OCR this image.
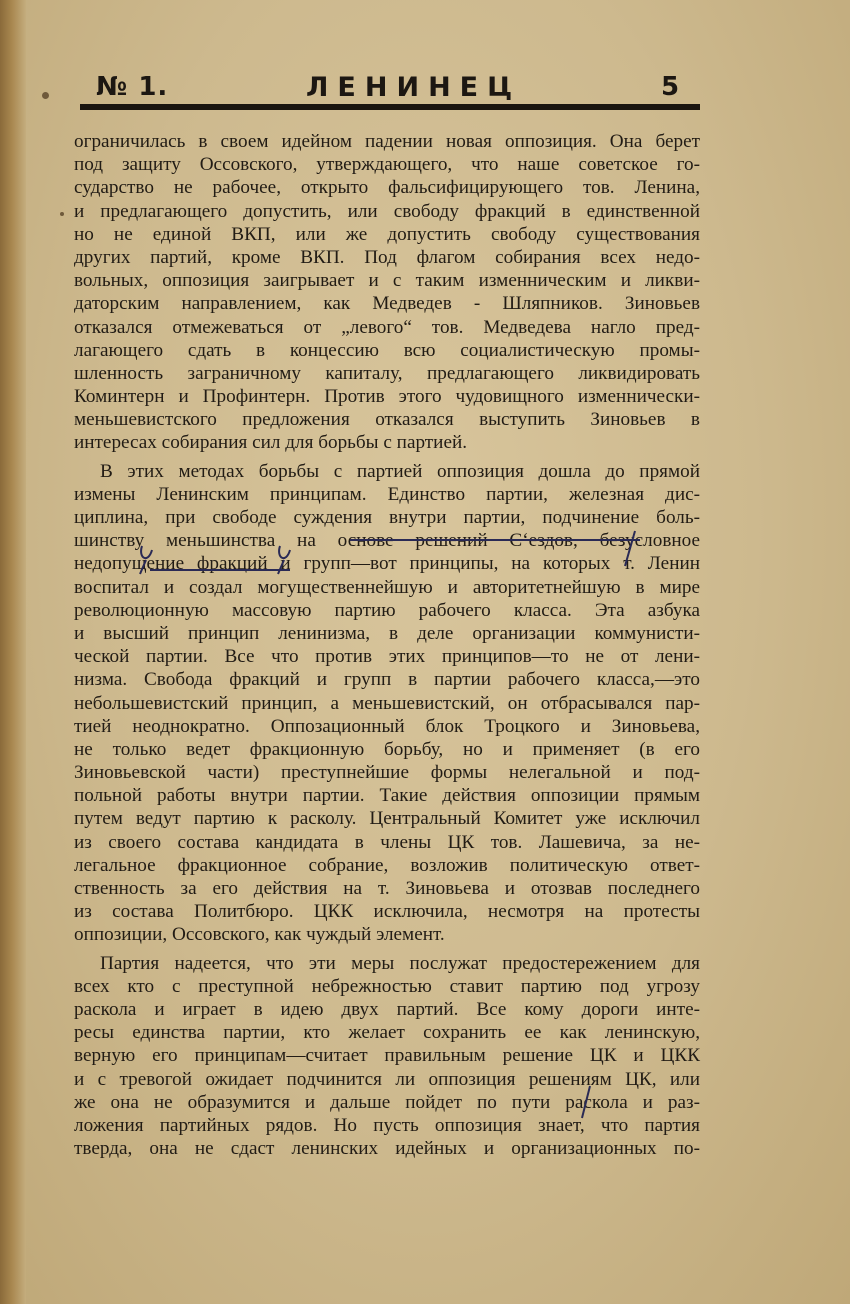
№ 1.	ЛЕНИНЕЦ	5
ограничилась в своем идейном падении новая оппозиция. Она берет
под защиту Оссовского, утверждающего, что наше советское го-
сударство не рабочее, открыто фальсифицирующего тов. Ленина,
и предлагающего допустить, или свободу фракций в единственной
но не единой ВКП, или же допустить свободу существования
других партий, кроме ВКП. Под флагом собирания всех недо-
вольных, оппозиция заигрывает и с таким изменническим и ликви-
даторским направлением, как Медведев - Шляпников. Зиновьев
отказался отмежеваться от „левого“ тов. Медведева нагло пред-
лагающего сдать в концессию всю социалистическую промы-
шленность заграничному капиталу, предлагающего ликвидировать
Коминтерн и Профинтерн. Против этого чудовищного изменнически-
меньшевистского предложения отказался выступить Зиновьев в
интересах собирания сил для борьбы с партией.
В этих методах борьбы с партией оппозиция дошла до прямой
измены Ленинским принципам. Единство партии, железная дис-
циплина, при свободе суждения внутри партии, подчинение боль-
шинству меньшинства на основе решений С‘ездов, безусловное
недопущение фракций и групп—вот принципы, на которых т. Ленин
воспитал и создал могущественнейшую и авторитетнейшую в мире
революционную массовую партию рабочего класса. Эта азбука
и высший принцип ленинизма, в деле организации коммунисти-
ческой партии. Все что против этих принципов—то не от лени-
низма. Свобода фракций и групп в партии рабочего класса,—это
небольшевистский принцип, а меньшевистский, он отбрасывался пар-
тией неоднократно. Оппозационный блок Троцкого и Зиновьева,
не только ведет фракционную борьбу, но и применяет (в его
Зиновьевской части) преступнейшие формы нелегальной и под-
польной работы внутри партии. Такие действия оппозиции прямым
путем ведут партию к расколу. Центральный Комитет уже исключил
из своего состава кандидата в члены ЦК тов. Лашевича, за не-
легальное фракционное собрание, возложив политическую ответ-
ственность за его действия на т. Зиновьева и отозвав последнего
из состава Политбюро. ЦКК исключила, несмотря на протесты
оппозиции, Оссовского, как чуждый элемент.
Партия надеется, что эти меры послужат предостережением для
всех кто с преступной небрежностью ставит партию под угрозу
раскола и играет в идею двух партий. Все кому дороги инте-
ресы единства партии, кто желает сохранить ее как ленинскую,
верную его принципам—считает правильным решение ЦК и ЦКК
и с тревогой ожидает подчинится ли оппозиция решениям ЦК, или
же она не образумится и дальше пойдет по пути раскола и раз-
ложения партийных рядов. Но пусть оппозиция знает, что партия
тверда, она не сдаст ленинских идейных и организационных по-
